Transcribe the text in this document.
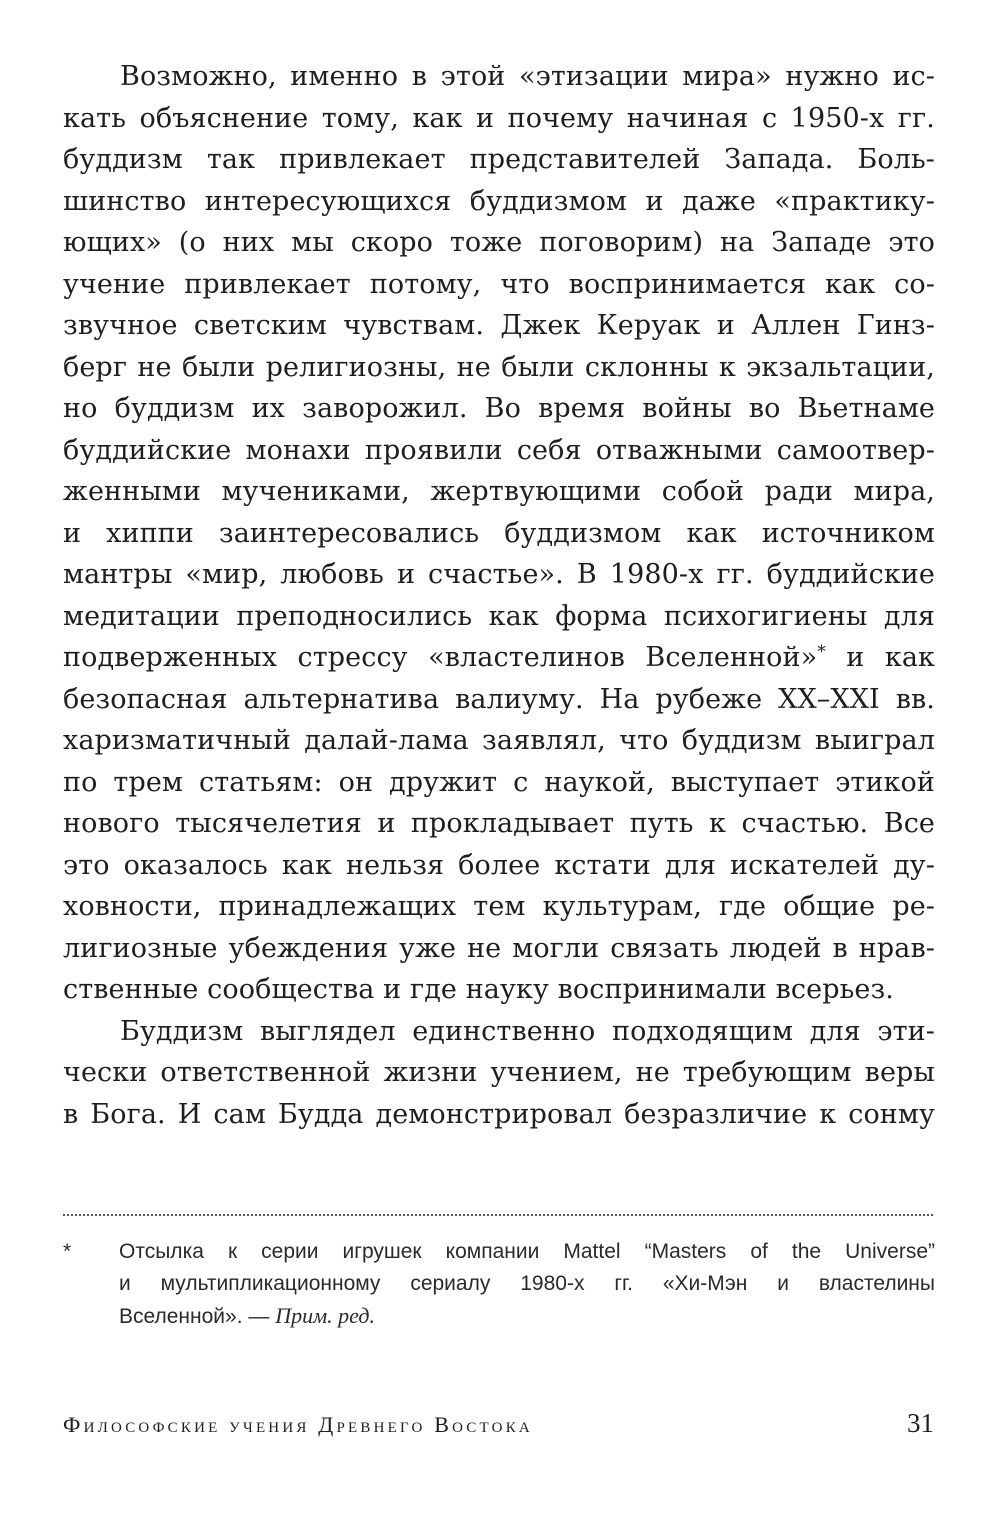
Возможно, именно в этой «этизации мира» нужно ис-
кать объяснение тому, как и почему начиная с 1950-х гг.
буддизм так привлекает представителей Запада. Боль-
шинство интересующихся буддизмом и даже «практику-
ющих» (о них мы скоро тоже поговорим) на Западе это
учение привлекает потому, что воспринимается как со-
звучное светским чувствам. Джек Керуак и Аллен Гинз-
берг не были религиозны, не были склонны к экзальтации,
но буддизм их заворожил. Во время войны во Вьетнаме
буддийские монахи проявили себя отважными самоотвер-
женными мучениками, жертвующими собой ради мира,
и хиппи заинтересовались буддизмом как источником
мантры «мир, любовь и счастье». В 1980-х гг. буддийские
медитации преподносились как форма психогигиены для
подверженных стрессу «властелинов Вселенной»* и как
безопасная альтернатива валиуму. На рубеже XX–XXI вв.
харизматичный далай-лама заявлял, что буддизм выиграл
по трем статьям: он дружит с наукой, выступает этикой
нового тысячелетия и прокладывает путь к счастью. Все
это оказалось как нельзя более кстати для искателей ду-
ховности, принадлежащих тем культурам, где общие ре-
лигиозные убеждения уже не могли связать людей в нрав-
ственные сообщества и где науку воспринимали всерьез.
Буддизм выглядел единственно подходящим для эти-
чески ответственной жизни учением, не требующим веры
в Бога. И сам Будда демонстрировал безразличие к сонму
*	Отсылка к серии игрушек компании Mattel “Masters of the Universe”
и мультипликационному сериалу 1980-х гг. «Хи-Мэн и властелины
Вселенной». — Прим. ред.
Философские учения Древнего Востока	31
